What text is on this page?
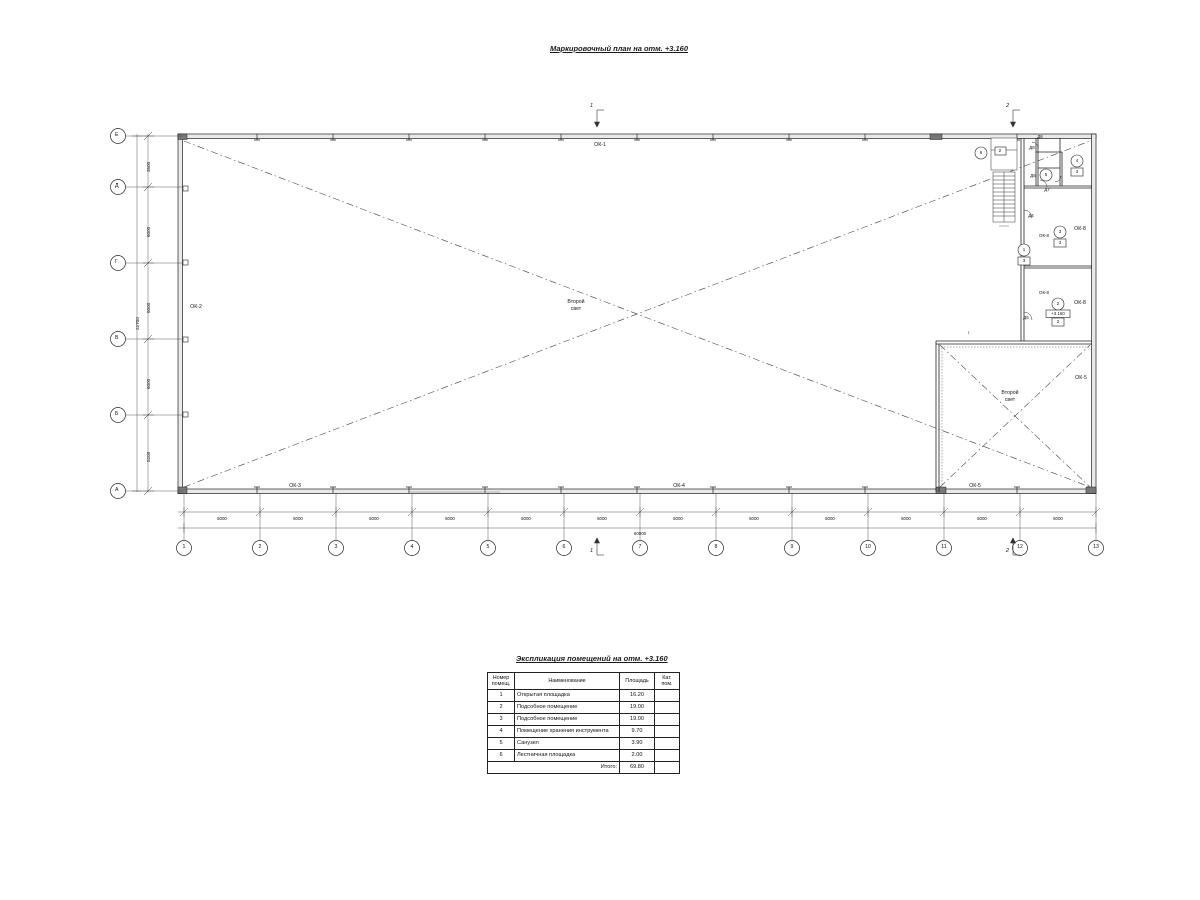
Маркировочный план на отм. +3.160
Экспликация помещений на отм. +3.160
Е
Д
Г
В
Б
А
3500
6000
6000
6000
5200
22700
1	2	3	4	5	6	7	8	9	10	11	12	13
5000	5000	5000	5000	5000	5000	5000	5000	5000	5000	5000	5000
60000
1	2
1	2
ОК-1
ОК-2
ОК-3	ОК-4	ОК-5
ОК-5
ОК-8
ОК-8
ОК-8
ОК-8
Второй
свет
Второй
свет
1
3
2
+3.160
2
3
3
4
3
5
6	2
Д4
Д5
Д6
Д7
Д8
Д8
г
Номер
помещ.	Наименование	Площадь	Кат.
пом.
1	Открытая площадка	16.20	
2	Подсобное помещение	19.00	
3	Подсобное помещение	19.00	
4	Помещение хранения инструмента	9.70	
5	Санузел	3.90	
6	Лестничная площадка	2.00	
Итого:		69.80	
